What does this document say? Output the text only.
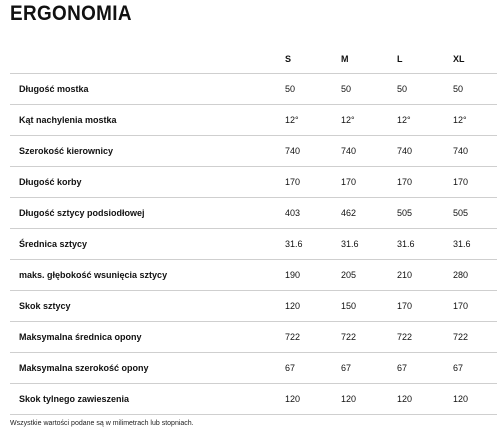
ERGONOMIA
	S	M	L	XL
Długość mostka	50	50	50	50
Kąt nachylenia mostka	12°	12°	12°	12°
Szerokość kierownicy	740	740	740	740
Długość korby	170	170	170	170
Długość sztycy podsiodłowej	403	462	505	505
Średnica sztycy	31.6	31.6	31.6	31.6
maks. głębokość wsunięcia sztycy	190	205	210	280
Skok sztycy	120	150	170	170
Maksymalna średnica opony	722	722	722	722
Maksymalna szerokość opony	67	67	67	67
Skok tylnego zawieszenia	120	120	120	120
Wszystkie wartości podane są w milimetrach lub stopniach.
